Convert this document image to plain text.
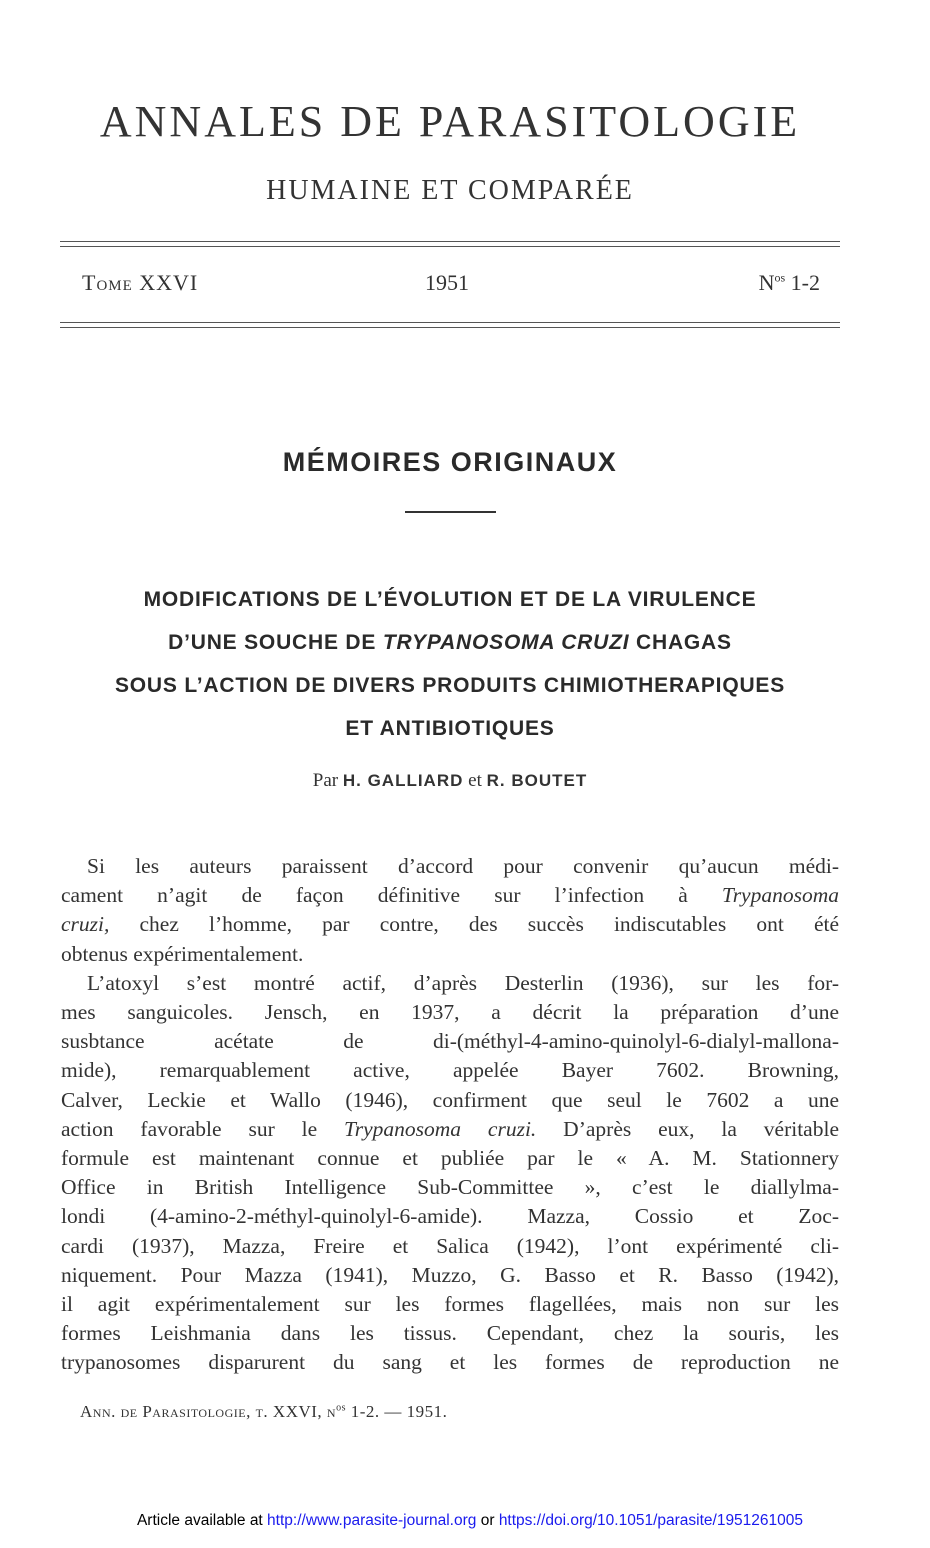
ANNALES DE PARASITOLOGIE
HUMAINE ET COMPARÉE
Tome XXVI	1951	$N^{os}$ 1-2
MÉMOIRES ORIGINAUX
MODIFICATIONS DE L’ÉVOLUTION ET DE LA VIRULENCE
D’UNE SOUCHE DE TRYPANOSOMA CRUZI CHAGAS
SOUS L’ACTION DE DIVERS PRODUITS CHIMIOTHERAPIQUES
ET ANTIBIOTIQUES
Par H. GALLIARD et R. BOUTET
Si les auteurs paraissent d’accord pour convenir qu’aucun médi-
cament n’agit de façon définitive sur l’infection à Trypanosoma
cruzi, chez l’homme, par contre, des succès indiscutables ont été
obtenus expérimentalement.
L’atoxyl s’est montré actif, d’après Desterlin (1936), sur les for-
mes sanguicoles. Jensch, en 1937, a décrit la préparation d’une
susbtance acétate de di-(méthyl-4-amino-quinolyl-6-dialyl-mallona-
mide), remarquablement active, appelée Bayer 7602. Browning,
Calver, Leckie et Wallo (1946), confirment que seul le 7602 a une
action favorable sur le Trypanosoma cruzi. D’après eux, la véritable
formule est maintenant connue et publiée par le « A. M. Stationnery
Office in British Intelligence Sub-Committee », c’est le diallylma-
londi (4-amino-2-méthyl-quinolyl-6-amide). Mazza, Cossio et Zoc-
cardi (1937), Mazza, Freire et Salica (1942), l’ont expérimenté cli-
niquement. Pour Mazza (1941), Muzzo, G. Basso et R. Basso (1942),
il agit expérimentalement sur les formes flagellées, mais non sur les
formes Leishmania dans les tissus. Cependant, chez la souris, les
trypanosomes disparurent du sang et les formes de reproduction ne
Ann. de Parasitologie, t. XXVI, $n^{os}$ 1-2. — 1951.
Article available at http://www.parasite-journal.org or https://doi.org/10.1051/parasite/1951261005
